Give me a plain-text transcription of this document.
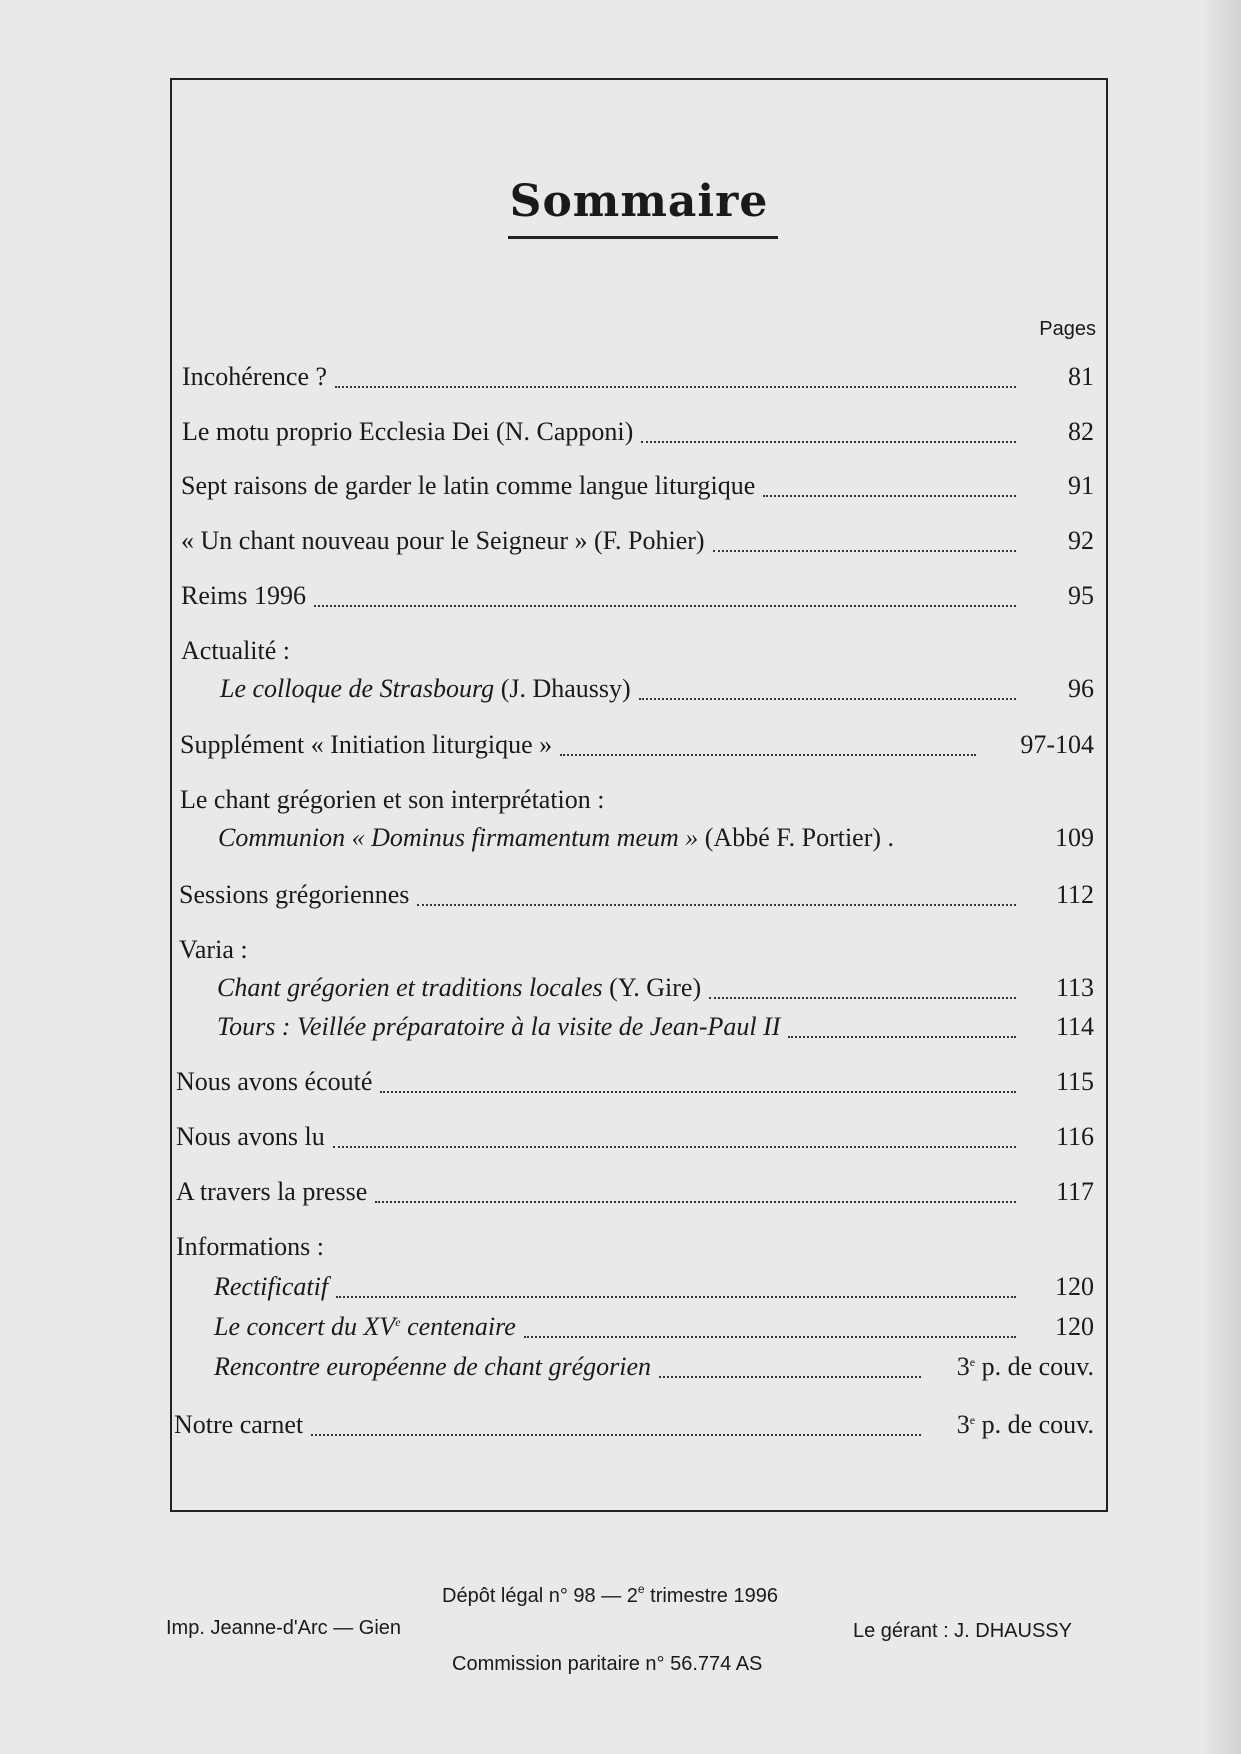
Sommaire
Pages
Incohérence ?	81
Le motu proprio Ecclesia Dei (N. Capponi)	82
Sept raisons de garder le latin comme langue liturgique	91
« Un chant nouveau pour le Seigneur » (F. Pohier)	92
Reims 1996	95
Actualité :
Le colloque de Strasbourg (J. Dhaussy)	96
Supplément « Initiation liturgique »	97-104
Le chant grégorien et son interprétation :
Communion « Dominus firmamentum meum » (Abbé F. Portier) .	109
Sessions grégoriennes	112
Varia :
Chant grégorien et traditions locales (Y. Gire)	113
Tours : Veillée préparatoire à la visite de Jean-Paul II	114
Nous avons écouté	115
Nous avons lu	116
A travers la presse	117
Informations :
Rectificatif	120
Le concert du XVe centenaire	120
Rencontre européenne de chant grégorien	3e p. de couv.
Notre carnet	3e p. de couv.
Dépôt légal n° 98 — 2e trimestre 1996
Imp. Jeanne-d'Arc — Gien	Le gérant : J. DHAUSSY
Commission paritaire n° 56.774 AS
